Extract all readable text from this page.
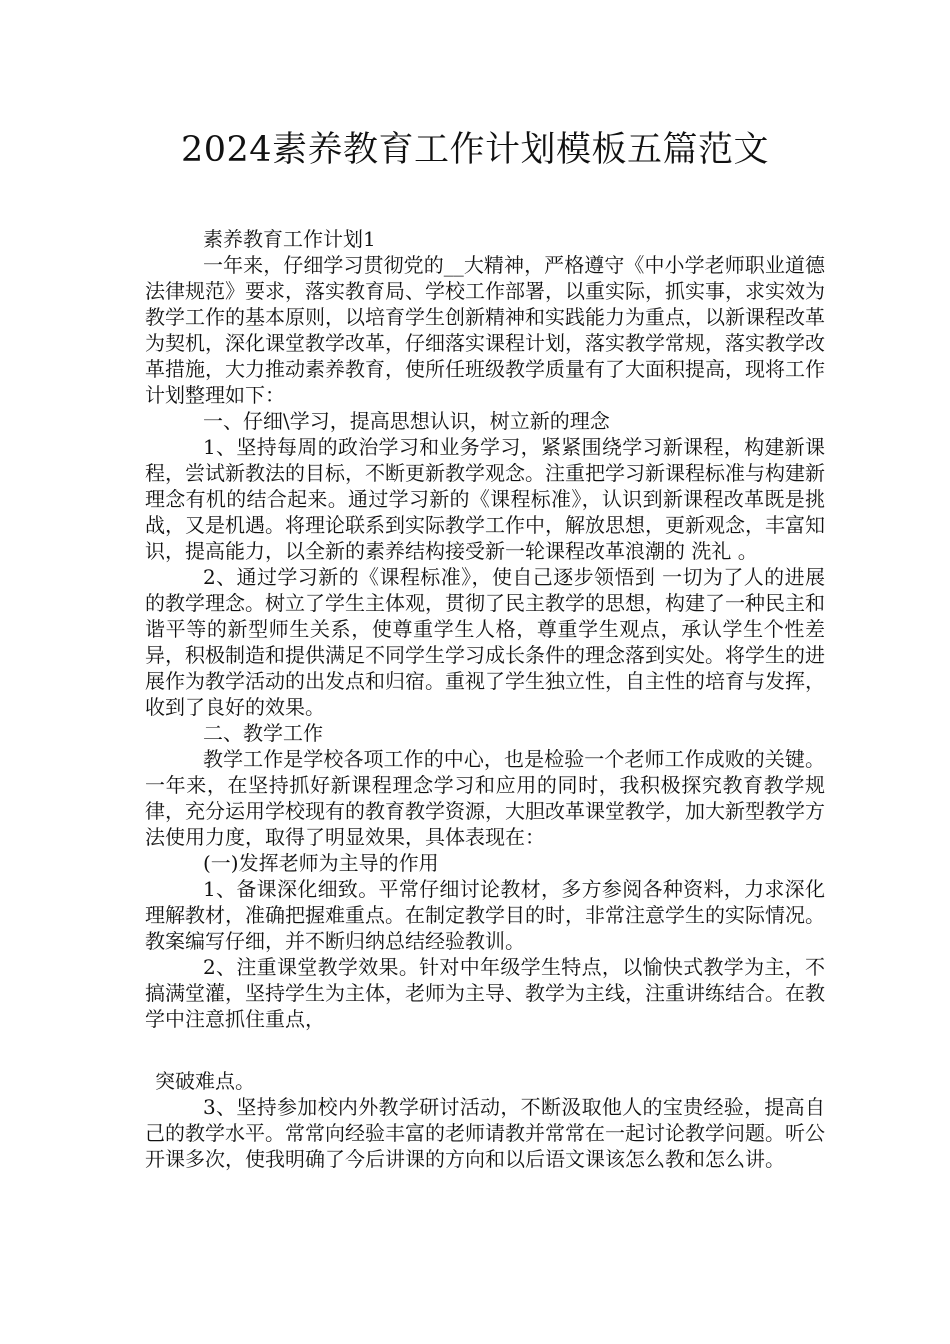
2024素养教育工作计划模板五篇范文

素养教育工作计划1

一年来，仔细学习贯彻党的__大精神，严格遵守《中小学老师职业道德法律规范》要求，落实教育局、学校工作部署，以重实际，抓实事，求实效为教学工作的基本原则，以培育学生创新精神和实践能力为重点，以新课程改革为契机，深化课堂教学改革，仔细落实课程计划，落实教学常规，落实教学改革措施，大力推动素养教育，使所任班级教学质量有了大面积提高，现将工作计划整理如下：

一、仔细\学习，提高思想认识，树立新的理念

1、坚持每周的政治学习和业务学习，紧紧围绕学习新课程，构建新课程，尝试新教法的目标，不断更新教学观念。注重把学习新课程标准与构建新理念有机的结合起来。通过学习新的《课程标准》，认识到新课程改革既是挑战，又是机遇。将理论联系到实际教学工作中，解放思想，更新观念，丰富知识，提高能力，以全新的素养结构接受新一轮课程改革浪潮的 洗礼 。

2、通过学习新的《课程标准》，使自己逐步领悟到 一切为了人的进展 的教学理念。树立了学生主体观，贯彻了民主教学的思想，构建了一种民主和谐平等的新型师生关系，使尊重学生人格，尊重学生观点，承认学生个性差异，积极制造和提供满足不同学生学习成长条件的理念落到实处。将学生的进展作为教学活动的出发点和归宿。重视了学生独立性，自主性的培育与发挥，收到了良好的效果。

二、教学工作

教学工作是学校各项工作的中心，也是检验一个老师工作成败的关键。一年来，在坚持抓好新课程理念学习和应用的同时，我积极探究教育教学规律，充分运用学校现有的教育教学资源，大胆改革课堂教学，加大新型教学方法使用力度，取得了明显效果，具体表现在：

(一)发挥老师为主导的作用

1、备课深化细致。平常仔细讨论教材，多方参阅各种资料，力求深化理解教材，准确把握难重点。在制定教学目的时，非常注意学生的实际情况。教案编写仔细，并不断归纳总结经验教训。

2、注重课堂教学效果。针对中年级学生特点，以愉快式教学为主，不搞满堂灌，坚持学生为主体，老师为主导、教学为主线，注重讲练结合。在教学中注意抓住重点，

突破难点。

3、坚持参加校内外教学研讨活动，不断汲取他人的宝贵经验，提高自己的教学水平。常常向经验丰富的老师请教并常常在一起讨论教学问题。听公开课多次，使我明确了今后讲课的方向和以后语文课该怎么教和怎么讲。
